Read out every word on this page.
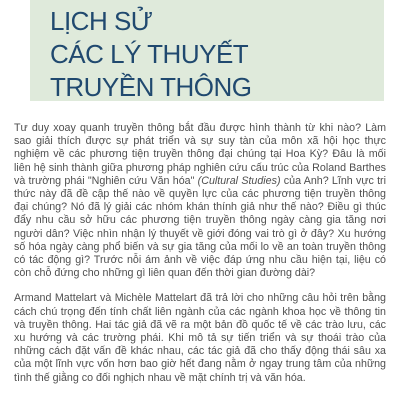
LỊCH SỬ
CÁC LÝ THUYẾT
TRUYỀN THÔNG

Tư duy xoay quanh truyền thông bắt đầu được hình thành từ khi nào? Làm sao giải thích được sự phát triển và sự suy tàn của môn xã hội học thực nghiệm về các phương tiện truyền thông đại chúng tại Hoa Kỳ? Đâu là mối liên hệ sinh thành giữa phương pháp nghiên cứu cấu trúc của Roland Barthes và trường phái "Nghiên cứu Văn hóa" (Cultural Studies) của Anh? Lĩnh vực tri thức này đã đề cập thế nào về quyền lực của các phương tiện truyền thông đại chúng? Nó đã lý giải các nhóm khán thính giả như thế nào? Điều gì thúc đẩy nhu cầu sở hữu các phương tiện truyền thông ngày càng gia tăng nơi người dân? Việc nhìn nhận lý thuyết về giới đóng vai trò gì ở đây? Xu hướng số hóa ngày càng phổ biến và sự gia tăng của mối lo về an toàn truyền thông có tác động gì? Trước nỗi ám ảnh về việc đáp ứng nhu cầu hiện tại, liệu có còn chỗ đứng cho những gì liên quan đến thời gian đường dài?

Armand Mattelart và Michèle Mattelart đã trả lời cho những câu hỏi trên bằng cách chú trọng đến tính chất liên ngành của các ngành khoa học về thông tin và truyền thông. Hai tác giả đã vẽ ra một bản đồ quốc tế về các trào lưu, các xu hướng và các trường phái. Khi mô tả sự tiến triển và sự thoái trào của những cách đặt vấn đề khác nhau, các tác giả đã cho thấy động thái sâu xa của một lĩnh vực vốn hơn bao giờ hết đang nằm ở ngay trung tâm của những tình thế giằng co đối nghịch nhau về mặt chính trị và văn hóa.
